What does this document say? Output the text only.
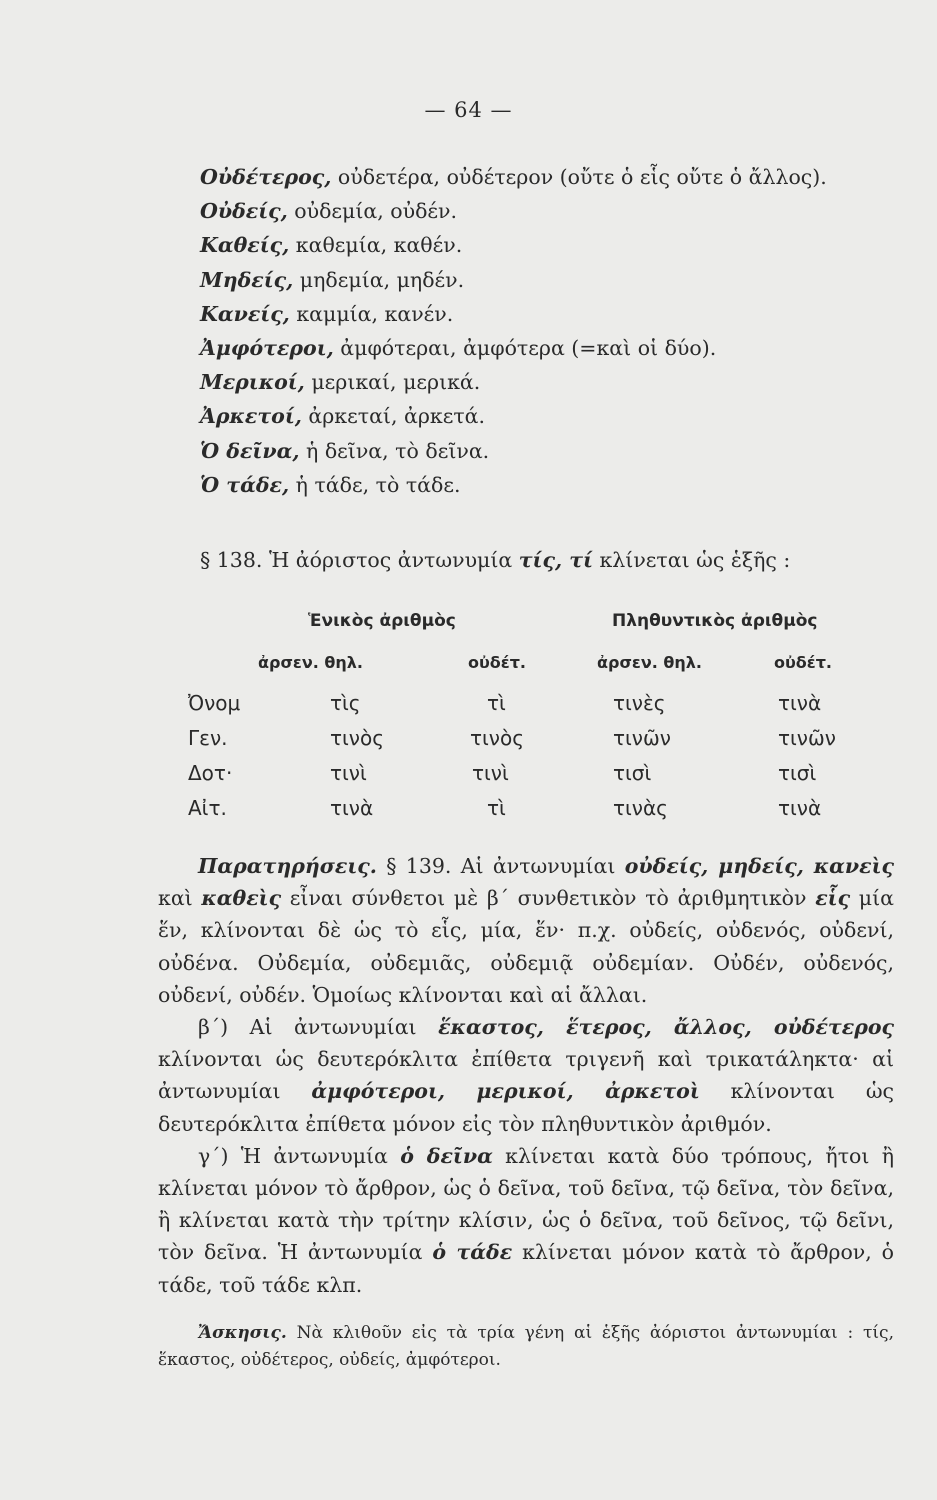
— 64 —
Οὐδέτερος, οὐδετέρα, οὐδέτερον (οὔτε ὁ εἷς οὔτε ὁ ἄλλος).
Οὐδείς, οὐδεμία, οὐδέν.
Καθείς, καθεμία, καθέν.
Μηδείς, μηδεμία, μηδέν.
Κανείς, καμμία, κανέν.
Ἀμφότεροι, ἀμφότεραι, ἀμφότερα (=καὶ οἱ δύο).
Μερικοί, μερικαί, μερικά.
Ἀρκετοί, ἀρκεταί, ἀρκετά.
Ὁ δεῖνα, ἡ δεῖνα, τὸ δεῖνα.
Ὁ τάδε, ἡ τάδε, τὸ τάδε.
§ 138. Ἡ ἀόριστος ἀντωνυμία τίς, τί κλίνεται ὡς ἑξῆς :
Ἑνικὸς ἀριθμὸς	Πληθυντικὸς ἀριθμὸς
ἀρσεν. θηλ.	οὐδέτ.	ἀρσεν. θηλ.	οὐδέτ.
Ὀνομ	τὶς	τὶ	τινὲς	τινὰ
Γεν.	τινὸς	τινὸς	τινῶν	τινῶν
Δοτ·	τινὶ	τινὶ	τισὶ	τισὶ
Αἰτ.	τινὰ	τὶ	τινὰς	τινὰ

Παρατηρήσεις. § 139. Αἱ ἀντωνυμίαι οὐδείς, μηδείς, κανεὶς καὶ καθεὶς εἶναι σύνθετοι μὲ β΄ συνθετικὸν τὸ ἀριθμητικὸν εἷς μία ἕν, κλίνονται δὲ ὡς τὸ εἷς, μία, ἕν· π.χ. οὐδείς, οὐδενός, οὐδενί, οὐδένα. Οὐδεμία, οὐδεμιᾶς, οὐδεμιᾷ οὐδεμίαν. Οὐδέν, οὐδενός, οὐδενί, οὐδέν. Ὁμοίως κλίνονται καὶ αἱ ἄλλαι.

β΄) Αἱ ἀντωνυμίαι ἕκαστος, ἕτερος, ἄλλος, οὐδέτερος κλίνονται ὡς δευτερόκλιτα ἐπίθετα τριγενῆ καὶ τρικατάληκτα· αἱ ἀντωνυμίαι ἀμφότεροι, μερικοί, ἀρκετοὶ κλίνονται ὡς δευτερόκλιτα ἐπίθετα μόνον εἰς τὸν πληθυντικὸν ἀριθμόν.

γ΄) Ἡ ἀντωνυμία ὁ δεῖνα κλίνεται κατὰ δύο τρόπους, ἤτοι ἢ κλίνεται μόνον τὸ ἄρθρον, ὡς ὁ δεῖνα, τοῦ δεῖνα, τῷ δεῖνα, τὸν δεῖνα, ἢ κλίνεται κατὰ τὴν τρίτην κλίσιν, ὡς ὁ δεῖνα, τοῦ δεῖνος, τῷ δεῖνι, τὸν δεῖνα. Ἡ ἀντωνυμία ὁ τάδε κλίνεται μόνον κατὰ τὸ ἄρθρον, ὁ τάδε, τοῦ τάδε κλπ.

Ἄσκησις. Νὰ κλιθοῦν εἰς τὰ τρία γένη αἱ ἑξῆς ἀόριστοι ἀντωνυμίαι : τίς, ἕκαστος, οὐδέτερος, οὐδείς, ἀμφότεροι.
